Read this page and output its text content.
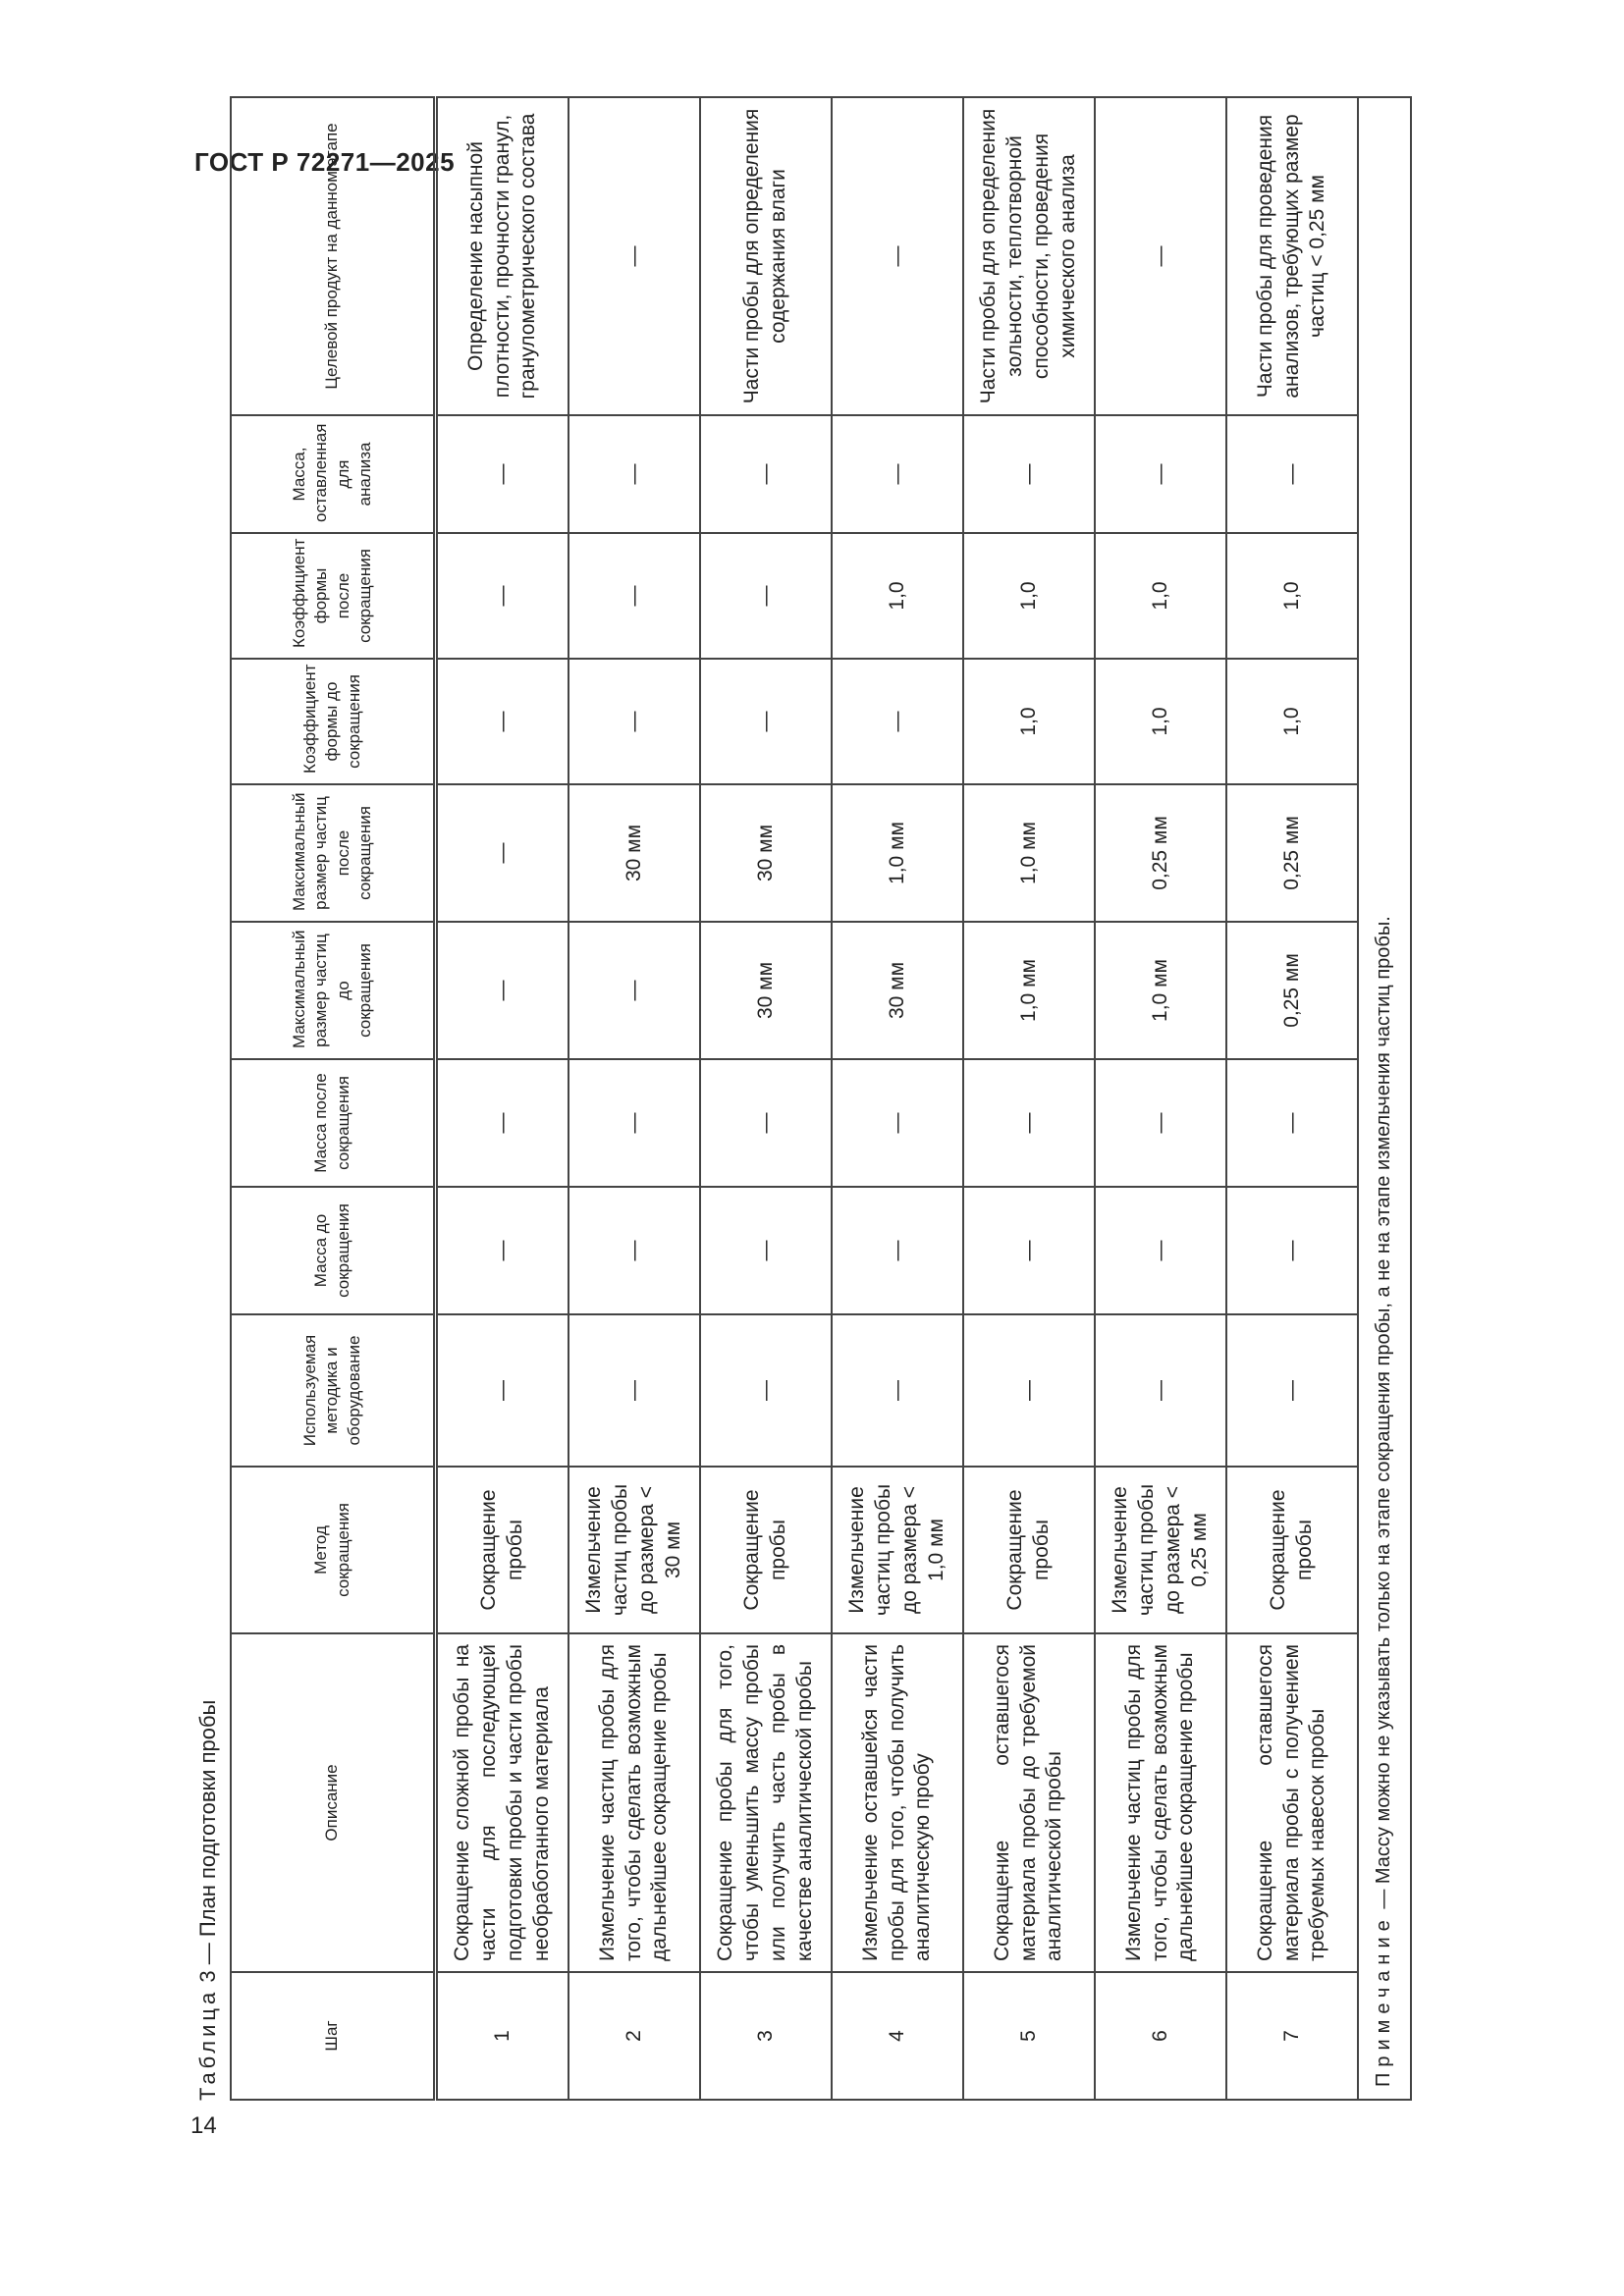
ГОСТ Р 72271—2025
14
Таблица 3 — План подготовки пробы
Шаг	Описание	Метод сокращения	Используемая методика и оборудование	Масса до сокращения	Масса после сокращения	Максимальный размер частиц до сокращения	Максимальный размер частиц после сокращения	Коэффициент формы до сокращения	Коэффициент формы после сокращения	Масса, оставленная для анализа	Целевой продукт на данном этапе
1	Сокращение сложной пробы на части для последующей подготовки пробы и части пробы необработанного материала	Сокращение пробы	—	—	—	—	—	—	—	—	Определение насыпной плотности, прочности гранул, гранулометрического состава
2	Измельчение частиц пробы для того, чтобы сделать возможным дальнейшее сокращение пробы	Измельчение частиц пробы до размера < 30 мм	—	—	—	—	30 мм	—	—	—	—
3	Сокращение пробы для того, чтобы уменьшить массу пробы или получить часть пробы в качестве аналитической пробы	Сокращение пробы	—	—	—	30 мм	30 мм	—	—	—	Части пробы для определения содержания влаги
4	Измельчение оставшейся части пробы для того, чтобы получить аналитическую пробу	Измельчение частиц пробы до размера < 1,0 мм	—	—	—	30 мм	1,0 мм	—	1,0	—	—
5	Сокращение оставшегося материала пробы до требуемой аналитической пробы	Сокращение пробы	—	—	—	1,0 мм	1,0 мм	1,0	1,0	—	Части пробы для определения зольности, теплотворной способности, проведения химического анализа
6	Измельчение частиц пробы для того, чтобы сделать возможным дальнейшее сокращение пробы	Измельчение частиц пробы до размера < 0,25 мм	—	—	—	1,0 мм	0,25 мм	1,0	1,0	—	—
7	Сокращение оставшегося материала пробы с получением требуемых навесок пробы	Сокращение пробы	—	—	—	0,25 мм	0,25 мм	1,0	1,0	—	Части пробы для проведения анализов, требующих размер частиц < 0,25 мм
Примечание — Массу можно не указывать только на этапе сокращения пробы, а не на этапе измельчения частиц пробы.											
